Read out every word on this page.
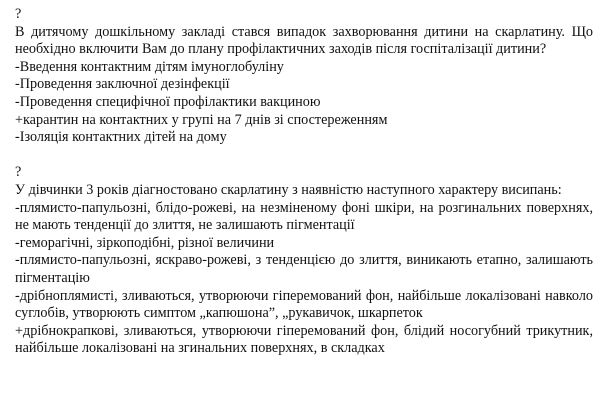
?
В дитячому дошкільному закладі стався випадок захворювання дитини на скарлатину. Що необхідно включити Вам до плану профілактичних заходів після госпіталізації дитини?
-Введення контактним дітям імуноглобуліну
-Проведення заключної дезінфекції
-Проведення специфічної профілактики вакциною
+карантин на контактних у групі на 7 днів зі спостереженням
-Ізоляція контактних дітей на дому
?
У дівчинки 3 років діагностовано скарлатину з наявністю наступного характеру висипань:
-плямисто-папульозні, блідо-рожеві, на незміненому фоні шкіри, на розгинальних поверхнях, не мають тенденції до злиття, не залишають пігментації
-геморагічні, зіркоподібні, різної величини
-плямисто-папульозні, яскраво-рожеві, з тенденцією до злиття, виникають етапно, залишають пігментацію
-дрібноплямисті, зливаються, утворюючи гіперемований фон, найбільше локалізовані навколо суглобів, утворюють симптом „капюшона”, „рукавичок, шкарпеток
+дрібнокрапкові, зливаються, утворюючи гіперемований фон, блідий носогубний трикутник, найбільше локалізовані на згинальних поверхнях, в складках
